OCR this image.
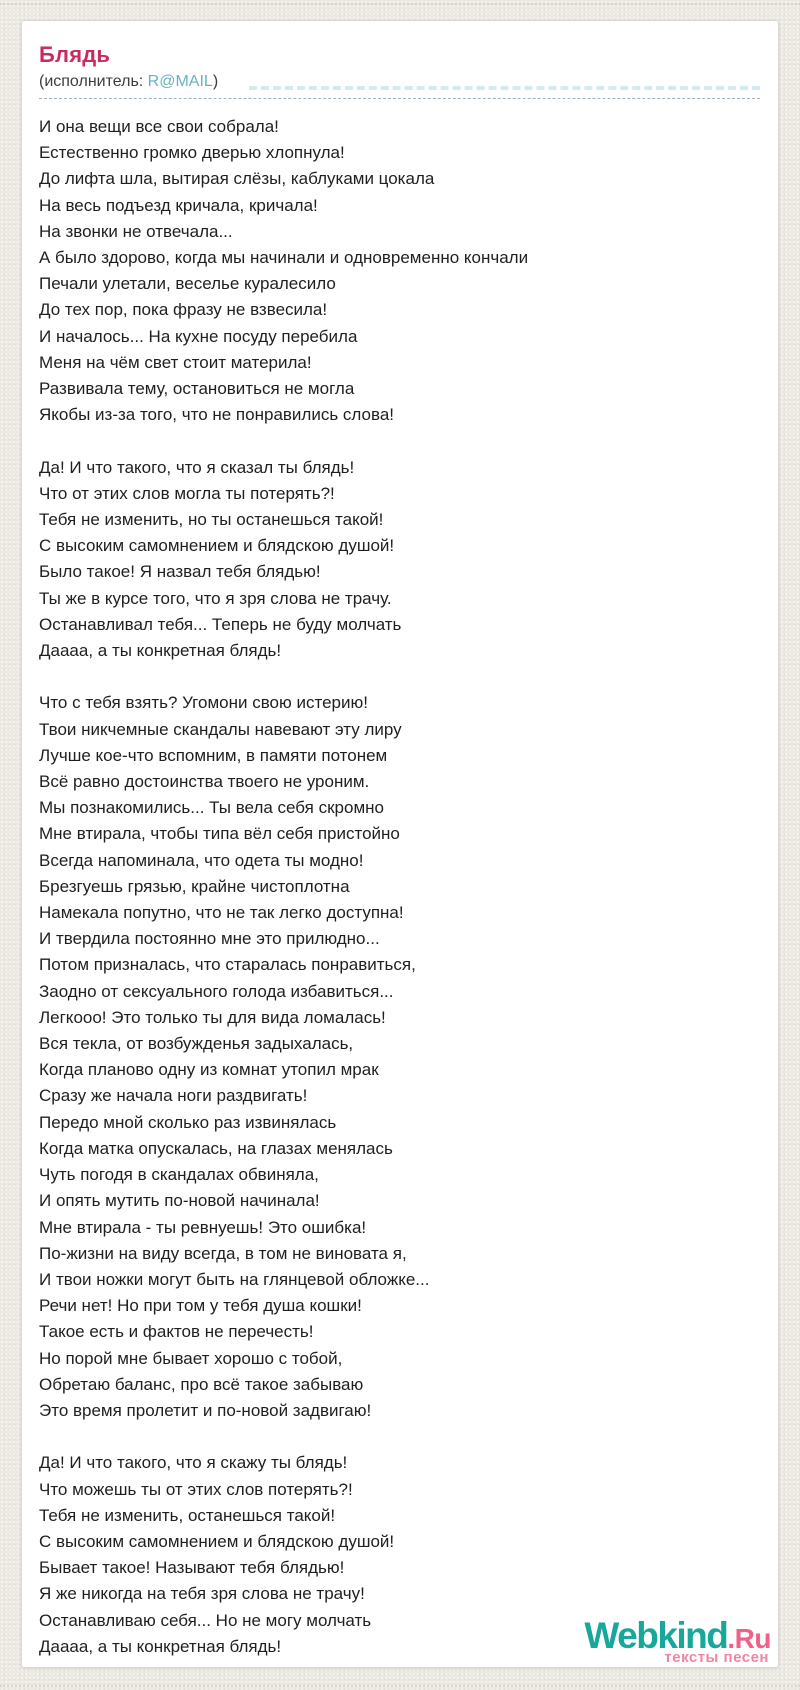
Блядь
(исполнитель: R@MAIL)
И она вещи все свои собрала!
Естественно громко дверью хлопнула!
До лифта шла, вытирая слёзы, каблуками цокала
На весь подъезд кричала, кричала!
На звонки не отвечала...
А было здорово, когда мы начинали и одновременно кончали
Печали улетали, веселье куралесило
До тех пор, пока фразу не взвесила!
И началось... На кухне посуду перебила
Меня на чём свет стоит материла!
Развивала тему, остановиться не могла
Якобы из-за того, что не понравились слова!
Да! И что такого, что я сказал ты блядь!
Что от этих слов могла ты потерять?!
Тебя не изменить, но ты останешься такой!
С высоким самомнением и блядскою душой!
Было такое! Я назвал тебя блядью!
Ты же в курсе того, что я зря слова не трачу.
Останавливал тебя... Теперь не буду молчать
Даааа, а ты конкретная блядь!
Что с тебя взять? Угомони свою истерию!
Твои никчемные скандалы навевают эту лиру
Лучше кое-что вспомним, в памяти потонем
Всё равно достоинства твоего не уроним.
Мы познакомились... Ты вела себя скромно
Мне втирала, чтобы типа вёл себя пристойно
Всегда напоминала, что одета ты модно!
Брезгуешь грязью, крайне чистоплотна
Намекала попутно, что не так легко доступна!
И твердила постоянно мне это прилюдно...
Потом призналась, что старалась понравиться,
Заодно от сексуального голода избавиться...
Легкооо! Это только ты для вида ломалась!
Вся текла, от возбужденья задыхалась,
Когда планово одну из комнат утопил мрак
Сразу же начала ноги раздвигать!
Передо мной сколько раз извинялась
Когда матка опускалась, на глазах менялась
Чуть погодя в скандалах обвиняла,
И опять мутить по-новой начинала!
Мне втирала - ты ревнуешь! Это ошибка!
По-жизни на виду всегда, в том не виновата я,
И твои ножки могут быть на глянцевой обложке...
Речи нет! Но при том у тебя душа кошки!
Такое есть и фактов не перечесть!
Но порой мне бывает хорошо с тобой,
Обретаю баланс, про всё такое забываю
Это время пролетит и по-новой задвигаю!
Да! И что такого, что я скажу ты блядь!
Что можешь ты от этих слов потерять?!
Тебя не изменить, останешься такой!
С высоким самомнением и блядскою душой!
Бывает такое! Называют тебя блядью!
Я же никогда на тебя зря слова не трачу!
Останавливаю себя... Но не могу молчать
Даааа, а ты конкретная блядь!	Webkind.Ru
тексты песен
